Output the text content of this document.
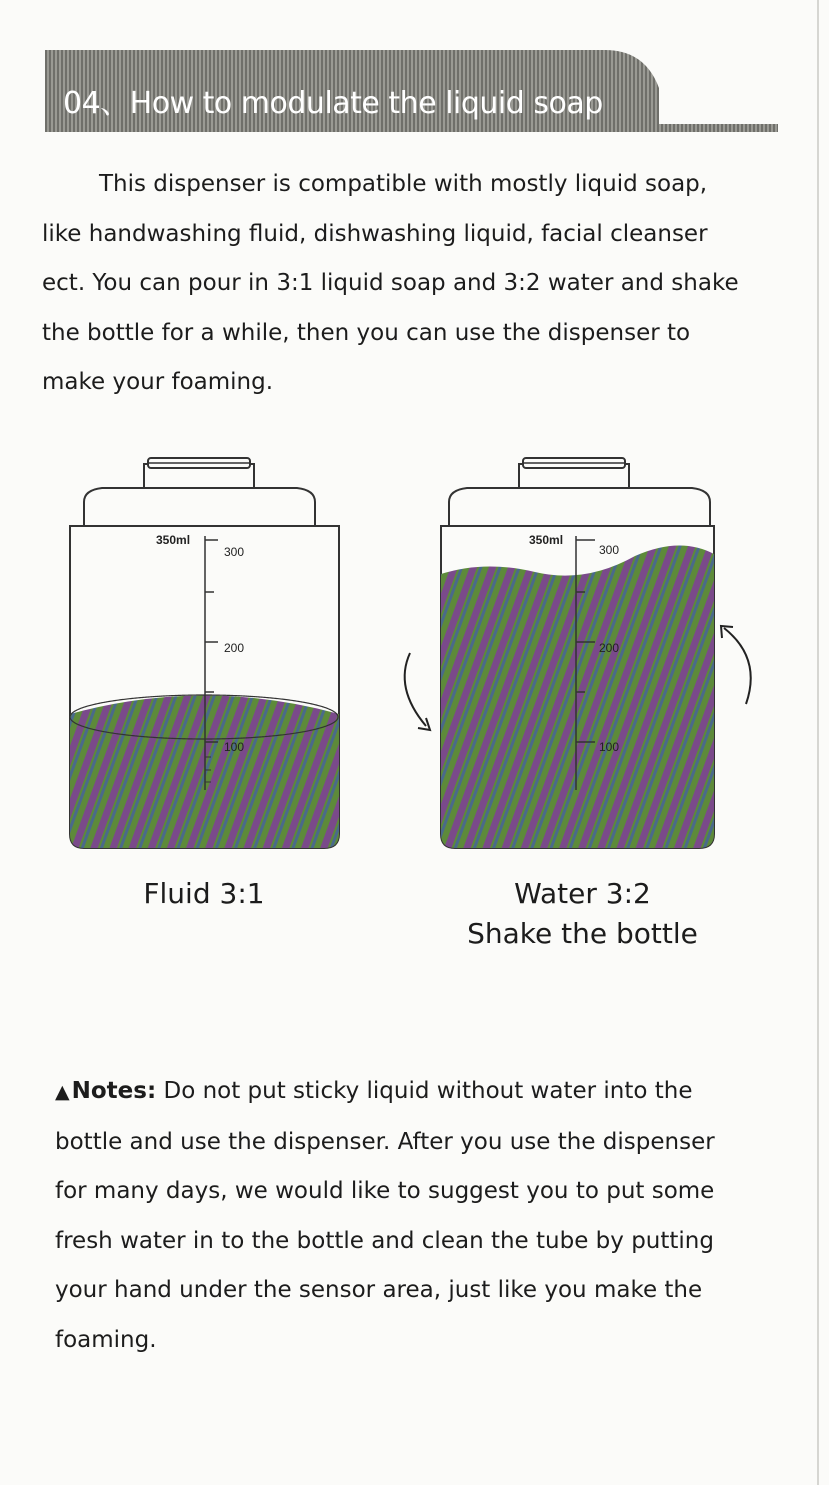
04、How to modulate the liquid soap

This dispenser is compatible with mostly liquid soap,
like handwashing fluid, dishwashing liquid, facial cleanser
ect. You can pour in 3:1 liquid soap and 3:2 water and shake
the bottle for a while, then you can use the dispenser to
make your foaming.

350ml
300
200
100
350ml
300
200
100
Fluid 3:1	Water 3:2
Shake the bottle

▲Notes: Do not put sticky liquid without water into the
bottle and use the dispenser. After you use the dispenser
for many days, we would like to suggest you to put some
fresh water in to the bottle and clean the tube by putting
your hand under the sensor area, just like you make the
foaming.
